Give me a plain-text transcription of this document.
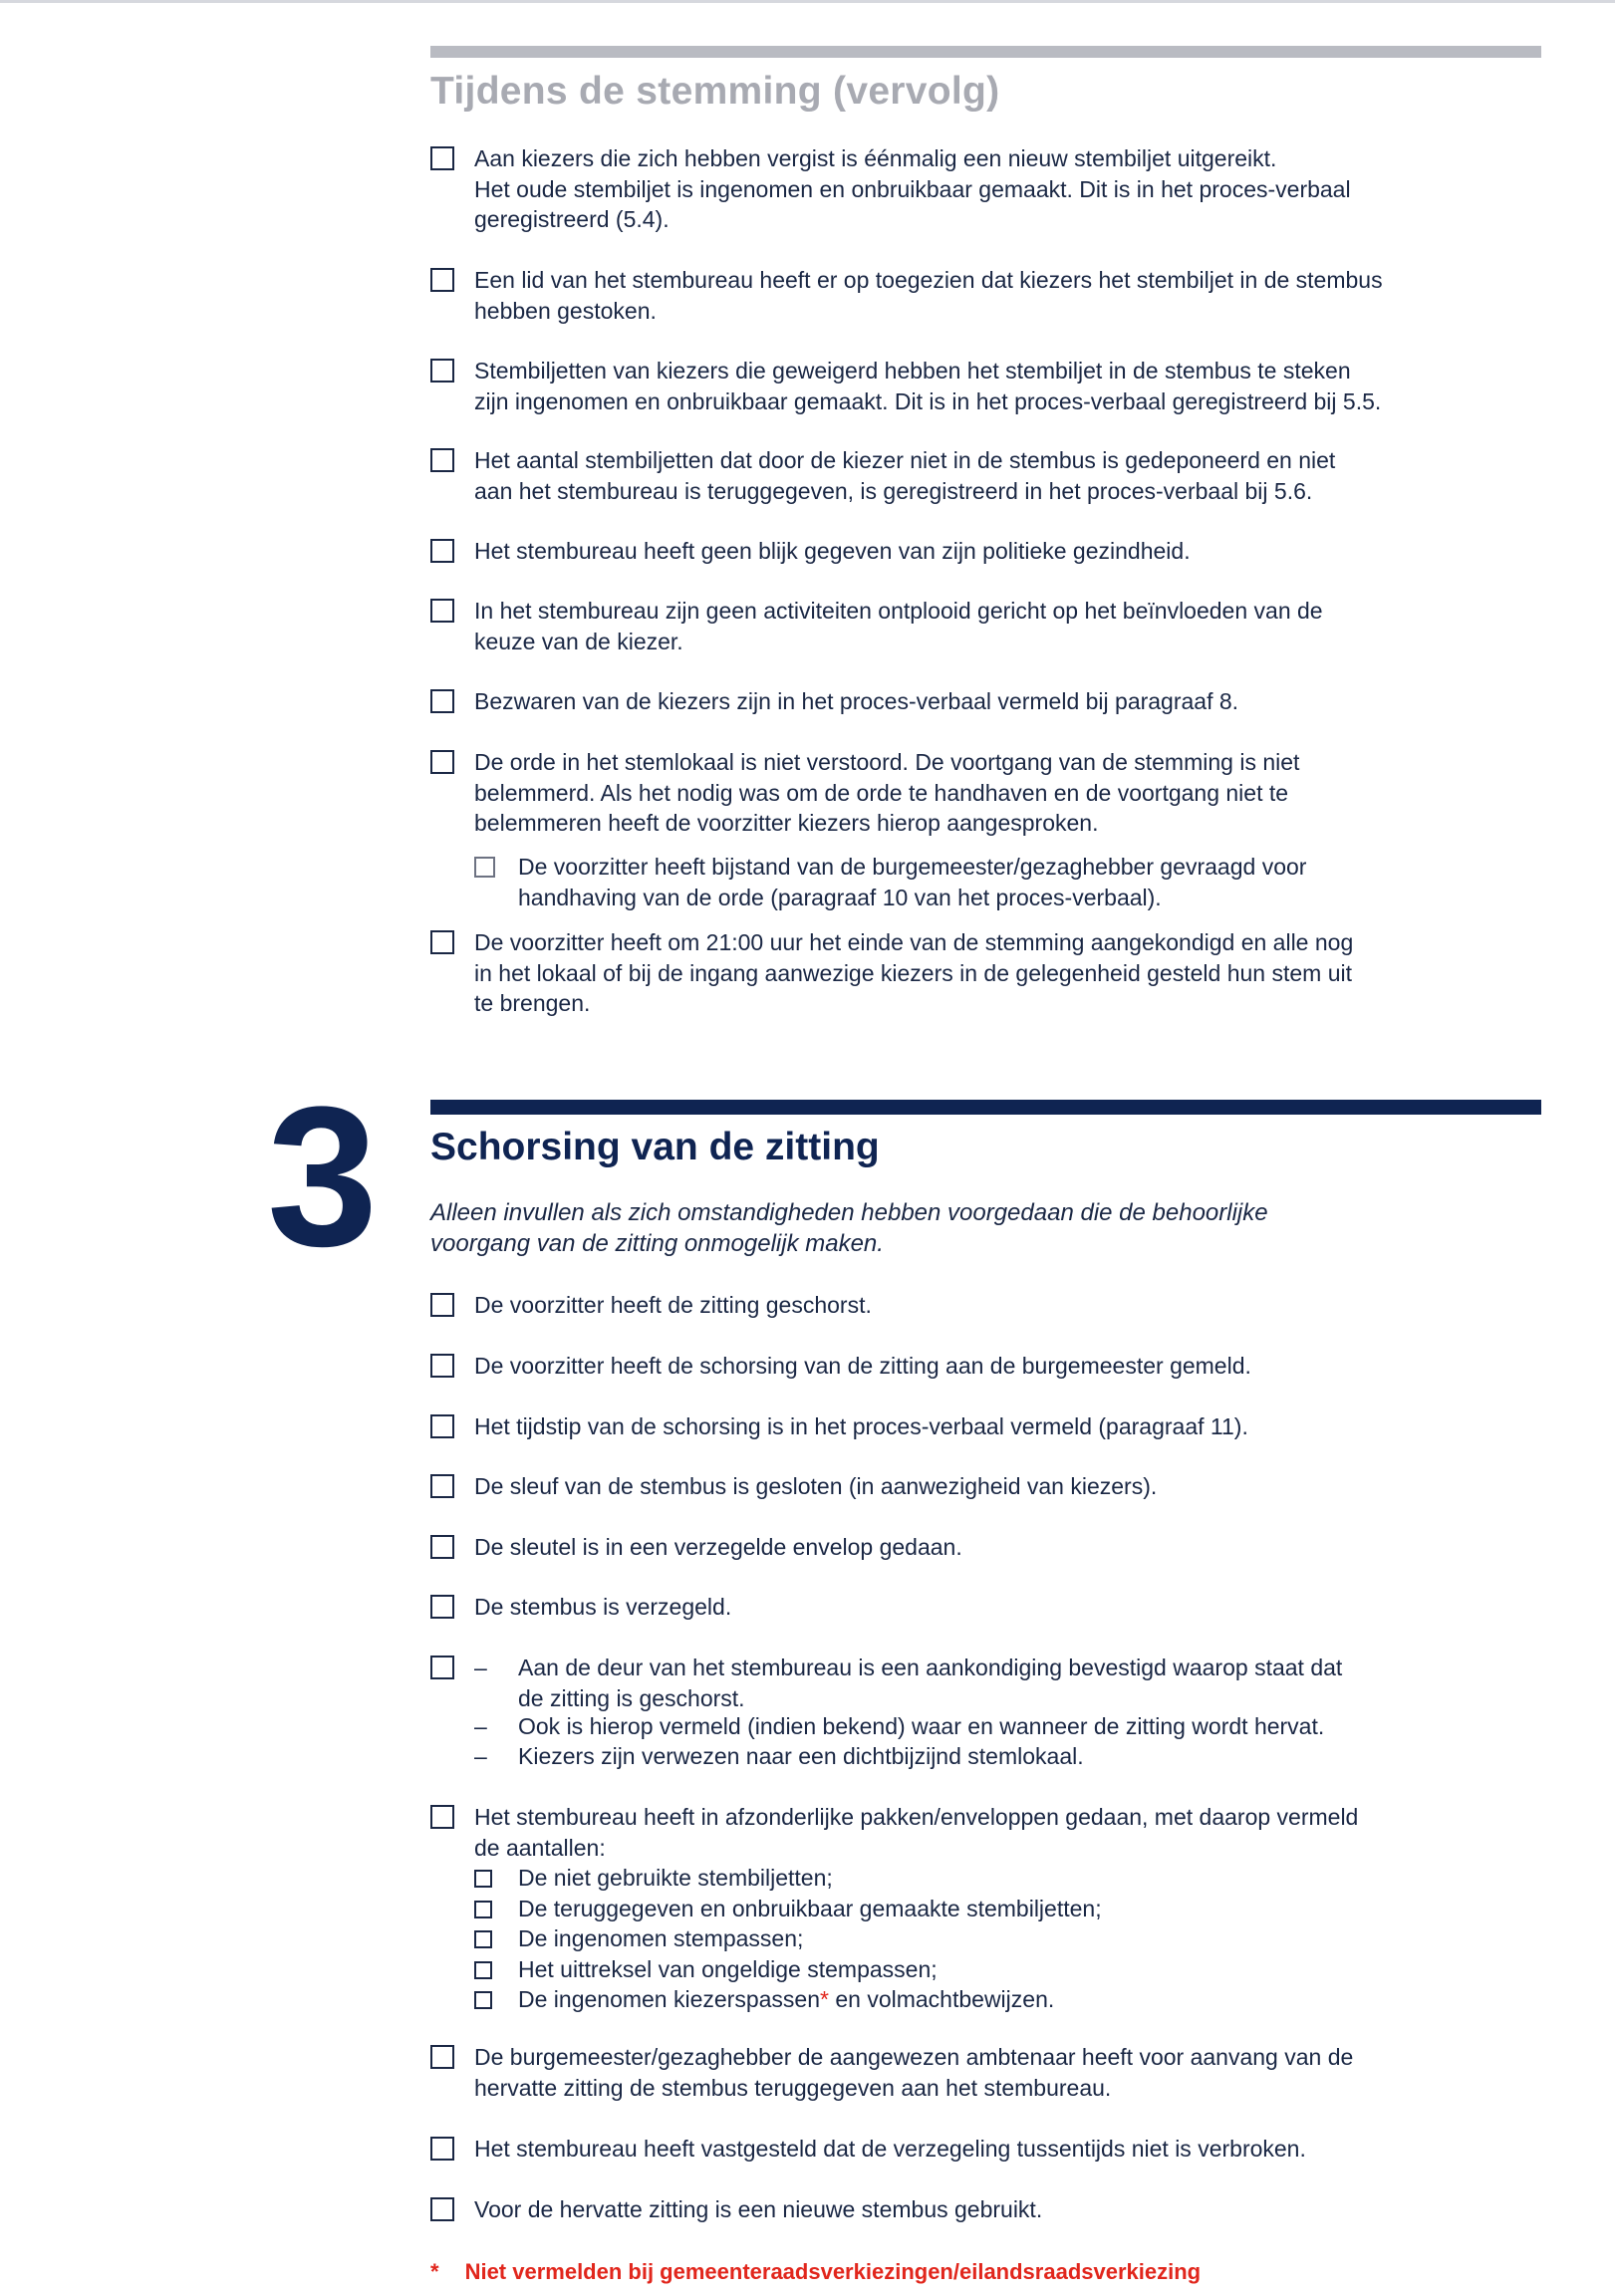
Tijdens de stemming (vervolg)
Aan kiezers die zich hebben vergist is éénmalig een nieuw stembiljet uitgereikt.
Het oude stembiljet is ingenomen en onbruikbaar gemaakt. Dit is in het proces-verbaal
geregistreerd (5.4).
Een lid van het stembureau heeft er op toegezien dat kiezers het stembiljet in de stembus
hebben gestoken.
Stembiljetten van kiezers die geweigerd hebben het stembiljet in de stembus te steken
zijn ingenomen en onbruikbaar gemaakt. Dit is in het proces-verbaal geregistreerd bij 5.5.
Het aantal stembiljetten dat door de kiezer niet in de stembus is gedeponeerd en niet
aan het stembureau is teruggegeven, is geregistreerd in het proces-verbaal bij 5.6.
Het stembureau heeft geen blijk gegeven van zijn politieke gezindheid.
In het stembureau zijn geen activiteiten ontplooid gericht op het beïnvloeden van de
keuze van de kiezer.
Bezwaren van de kiezers zijn in het proces-verbaal vermeld bij paragraaf 8.
De orde in het stemlokaal is niet verstoord. De voortgang van de stemming is niet
belemmerd. Als het nodig was om de orde te handhaven en de voortgang niet te
belemmeren heeft de voorzitter kiezers hierop aangesproken.
De voorzitter heeft bijstand van de burgemeester/gezaghebber gevraagd voor
handhaving van de orde (paragraaf 10 van het proces-verbaal).
De voorzitter heeft om 21:00 uur het einde van de stemming aangekondigd en alle nog
in het lokaal of bij de ingang aanwezige kiezers in de gelegenheid gesteld hun stem uit
te brengen.
3 Schorsing van de zitting
Alleen invullen als zich omstandigheden hebben voorgedaan die de behoorlijke
voorgang van de zitting onmogelijk maken.
De voorzitter heeft de zitting geschorst.
De voorzitter heeft de schorsing van de zitting aan de burgemeester gemeld.
Het tijdstip van de schorsing is in het proces-verbaal vermeld (paragraaf 11).
De sleuf van de stembus is gesloten (in aanwezigheid van kiezers).
De sleutel is in een verzegelde envelop gedaan.
De stembus is verzegeld.
– Aan de deur van het stembureau is een aankondiging bevestigd waarop staat dat
de zitting is geschorst.
– Ook is hierop vermeld (indien bekend) waar en wanneer de zitting wordt hervat.
– Kiezers zijn verwezen naar een dichtbijzijnd stemlokaal.
Het stembureau heeft in afzonderlijke pakken/enveloppen gedaan, met daarop vermeld
de aantallen:
De niet gebruikte stembiljetten;
De teruggegeven en onbruikbaar gemaakte stembiljetten;
De ingenomen stempassen;
Het uittreksel van ongeldige stempassen;
De ingenomen kiezerspassen* en volmachtbewijzen.
De burgemeester/gezaghebber de aangewezen ambtenaar heeft voor aanvang van de
hervatte zitting de stembus teruggegeven aan het stembureau.
Het stembureau heeft vastgesteld dat de verzegeling tussentijds niet is verbroken.
Voor de hervatte zitting is een nieuwe stembus gebruikt.
* Niet vermelden bij gemeenteraadsverkiezingen/eilandsraadsverkiezing
